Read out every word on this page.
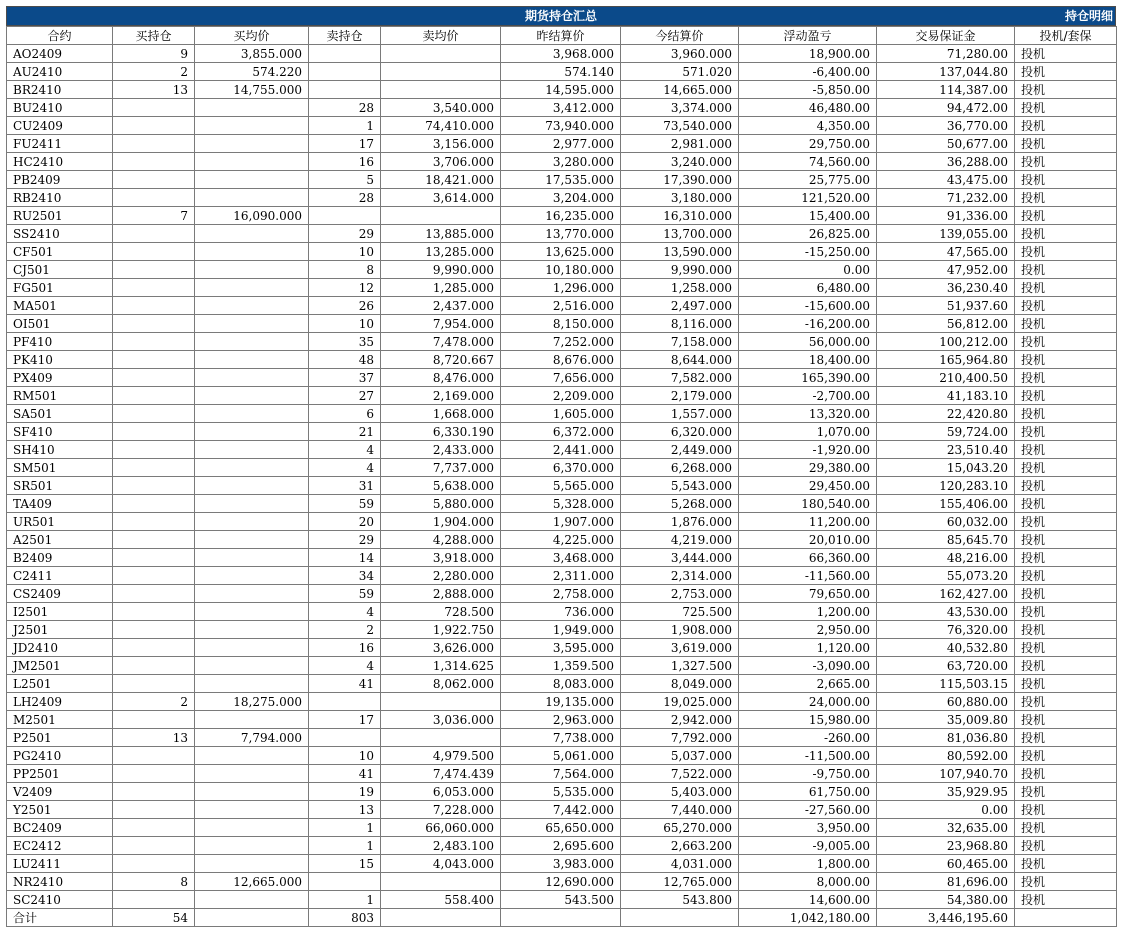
期货持仓汇总	持仓明细
合约	买持仓	买均价	卖持仓	卖均价	昨结算价	今结算价	浮动盈亏	交易保证金	投机/套保
AO2409	9	3,855.000			3,968.000	3,960.000	18,900.00	71,280.00	投机
AU2410	2	574.220			574.140	571.020	-6,400.00	137,044.80	投机
BR2410	13	14,755.000			14,595.000	14,665.000	-5,850.00	114,387.00	投机
BU2410			28	3,540.000	3,412.000	3,374.000	46,480.00	94,472.00	投机
CU2409			1	74,410.000	73,940.000	73,540.000	4,350.00	36,770.00	投机
FU2411			17	3,156.000	2,977.000	2,981.000	29,750.00	50,677.00	投机
HC2410			16	3,706.000	3,280.000	3,240.000	74,560.00	36,288.00	投机
PB2409			5	18,421.000	17,535.000	17,390.000	25,775.00	43,475.00	投机
RB2410			28	3,614.000	3,204.000	3,180.000	121,520.00	71,232.00	投机
RU2501	7	16,090.000			16,235.000	16,310.000	15,400.00	91,336.00	投机
SS2410			29	13,885.000	13,770.000	13,700.000	26,825.00	139,055.00	投机
CF501			10	13,285.000	13,625.000	13,590.000	-15,250.00	47,565.00	投机
CJ501			8	9,990.000	10,180.000	9,990.000	0.00	47,952.00	投机
FG501			12	1,285.000	1,296.000	1,258.000	6,480.00	36,230.40	投机
MA501			26	2,437.000	2,516.000	2,497.000	-15,600.00	51,937.60	投机
OI501			10	7,954.000	8,150.000	8,116.000	-16,200.00	56,812.00	投机
PF410			35	7,478.000	7,252.000	7,158.000	56,000.00	100,212.00	投机
PK410			48	8,720.667	8,676.000	8,644.000	18,400.00	165,964.80	投机
PX409			37	8,476.000	7,656.000	7,582.000	165,390.00	210,400.50	投机
RM501			27	2,169.000	2,209.000	2,179.000	-2,700.00	41,183.10	投机
SA501			6	1,668.000	1,605.000	1,557.000	13,320.00	22,420.80	投机
SF410			21	6,330.190	6,372.000	6,320.000	1,070.00	59,724.00	投机
SH410			4	2,433.000	2,441.000	2,449.000	-1,920.00	23,510.40	投机
SM501			4	7,737.000	6,370.000	6,268.000	29,380.00	15,043.20	投机
SR501			31	5,638.000	5,565.000	5,543.000	29,450.00	120,283.10	投机
TA409			59	5,880.000	5,328.000	5,268.000	180,540.00	155,406.00	投机
UR501			20	1,904.000	1,907.000	1,876.000	11,200.00	60,032.00	投机
A2501			29	4,288.000	4,225.000	4,219.000	20,010.00	85,645.70	投机
B2409			14	3,918.000	3,468.000	3,444.000	66,360.00	48,216.00	投机
C2411			34	2,280.000	2,311.000	2,314.000	-11,560.00	55,073.20	投机
CS2409			59	2,888.000	2,758.000	2,753.000	79,650.00	162,427.00	投机
I2501			4	728.500	736.000	725.500	1,200.00	43,530.00	投机
J2501			2	1,922.750	1,949.000	1,908.000	2,950.00	76,320.00	投机
JD2410			16	3,626.000	3,595.000	3,619.000	1,120.00	40,532.80	投机
JM2501			4	1,314.625	1,359.500	1,327.500	-3,090.00	63,720.00	投机
L2501			41	8,062.000	8,083.000	8,049.000	2,665.00	115,503.15	投机
LH2409	2	18,275.000			19,135.000	19,025.000	24,000.00	60,880.00	投机
M2501			17	3,036.000	2,963.000	2,942.000	15,980.00	35,009.80	投机
P2501	13	7,794.000			7,738.000	7,792.000	-260.00	81,036.80	投机
PG2410			10	4,979.500	5,061.000	5,037.000	-11,500.00	80,592.00	投机
PP2501			41	7,474.439	7,564.000	7,522.000	-9,750.00	107,940.70	投机
V2409			19	6,053.000	5,535.000	5,403.000	61,750.00	35,929.95	投机
Y2501			13	7,228.000	7,442.000	7,440.000	-27,560.00	0.00	投机
BC2409			1	66,060.000	65,650.000	65,270.000	3,950.00	32,635.00	投机
EC2412			1	2,483.100	2,695.600	2,663.200	-9,005.00	23,968.80	投机
LU2411			15	4,043.000	3,983.000	4,031.000	1,800.00	60,465.00	投机
NR2410	8	12,665.000			12,690.000	12,765.000	8,000.00	81,696.00	投机
SC2410			1	558.400	543.500	543.800	14,600.00	54,380.00	投机
合计	54		803				1,042,180.00	3,446,195.60	
